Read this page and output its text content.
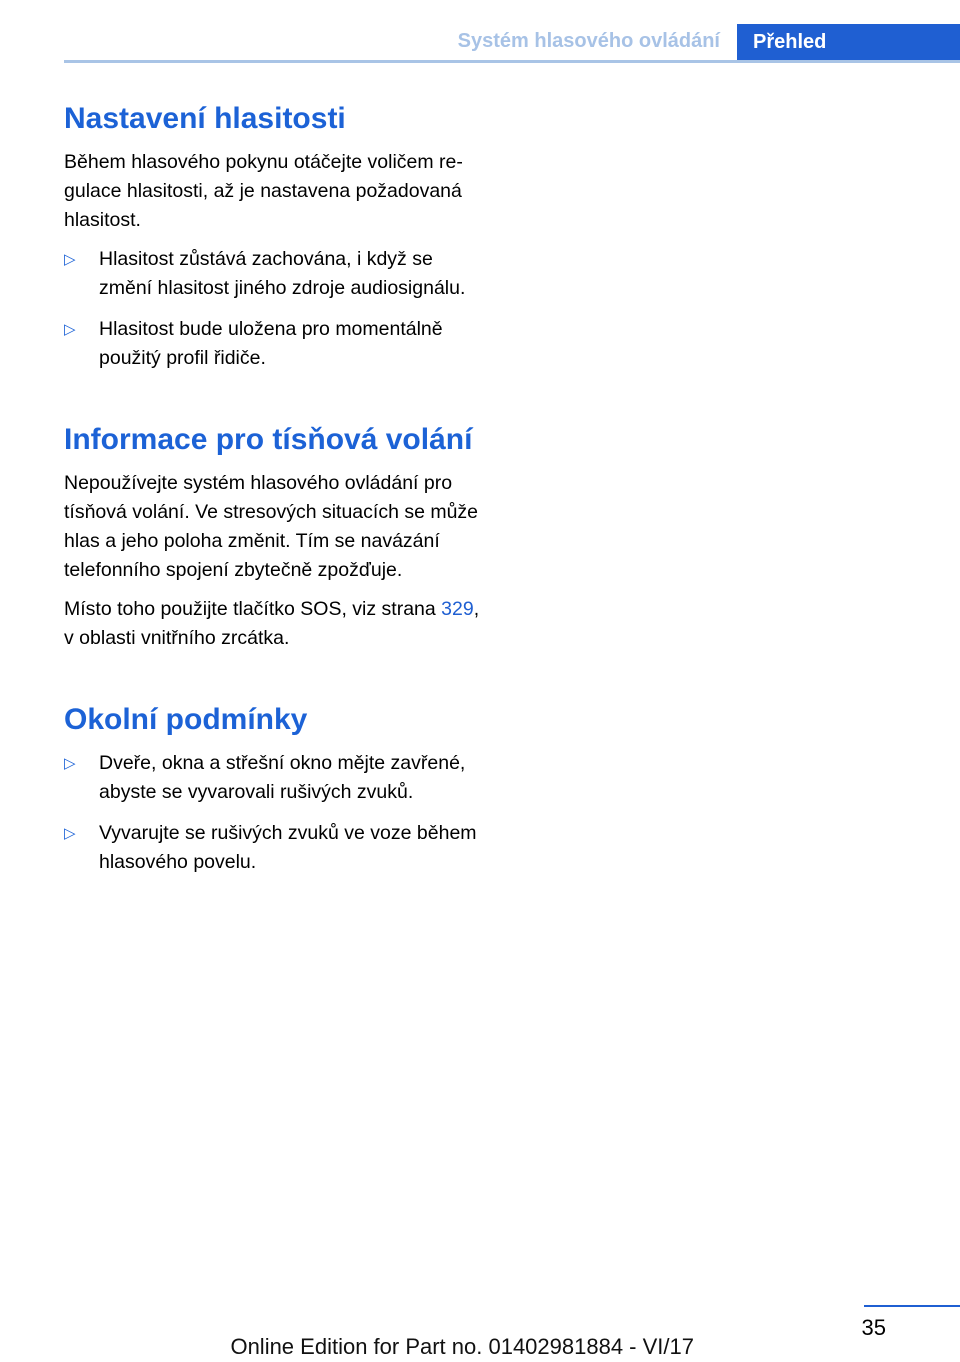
Systém hlasového ovládání	Přehled
Nastavení hlasitosti

Během hlasového pokynu otáčejte voličem regulace hlasitosti, až je nastavena požadovaná hlasitost.

▷ Hlasitost zůstává zachována, i když se změní hlasitost jiného zdroje audiosignálu.
▷ Hlasitost bude uložena pro momentálně použitý profil řidiče.
Informace pro tísňová volání

Nepoužívejte systém hlasového ovládání pro tísňová volání. Ve stresových situacích se může hlas a jeho poloha změnit. Tím se navázání telefonního spojení zbytečně zpožďuje.

Místo toho použijte tlačítko SOS, viz strana 329, v oblasti vnitřního zrcátka.

Okolní podmínky
▷ Dveře, okna a střešní okno mějte zavřené, abyste se vyvarovali rušivých zvuků.
▷ Vyvarujte se rušivých zvuků ve voze během hlasového povelu.
35
Online Edition for Part no. 01402981884 - VI/17
